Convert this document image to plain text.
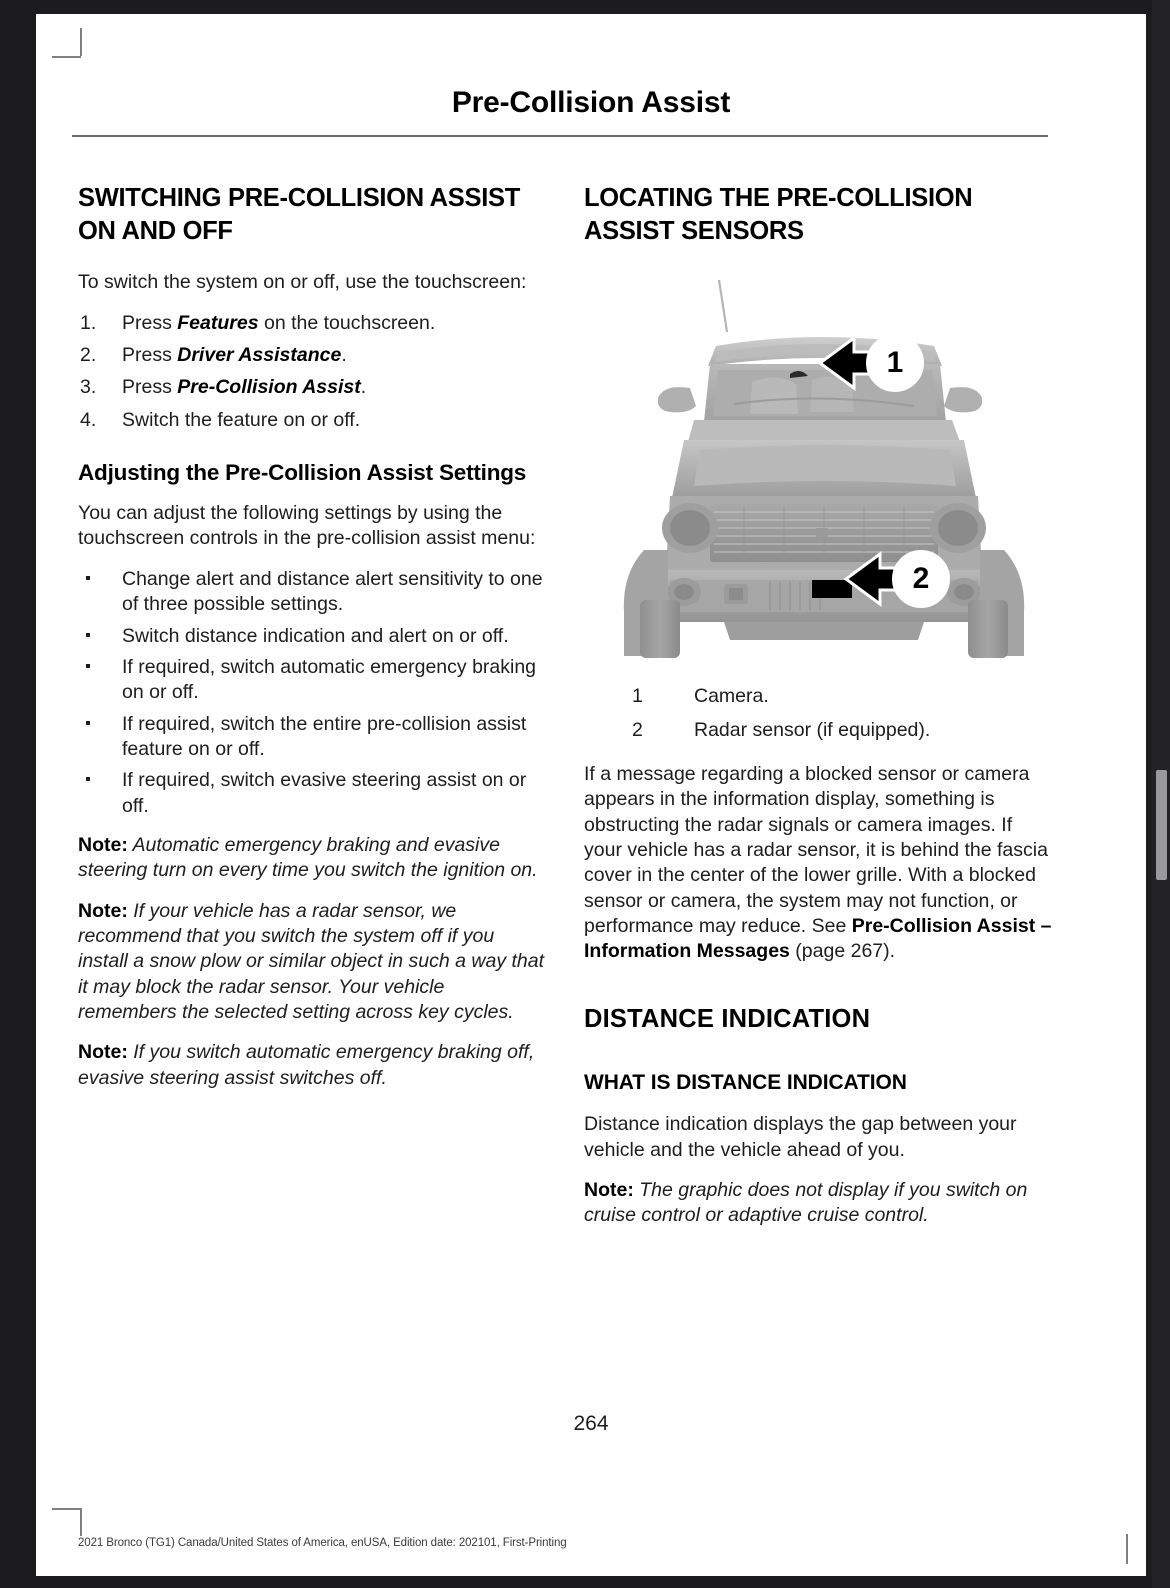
Pre-Collision Assist
SWITCHING PRE-COLLISION ASSIST ON AND OFF

To switch the system on or off, use the touchscreen:

1.	Press Features on the touchscreen.
2.	Press Driver Assistance.
3.	Press Pre-Collision Assist.
4.	Switch the feature on or off.
Adjusting the Pre-Collision Assist Settings

You can adjust the following settings by using the touchscreen controls in the pre-collision assist menu:

Change alert and distance alert sensitivity to one of three possible settings.
Switch distance indication and alert on or off.
If required, switch automatic emergency braking on or off.
If required, switch the entire pre-collision assist feature on or off.
If required, switch evasive steering assist on or off.

Note: Automatic emergency braking and evasive steering turn on every time you switch the ignition on.

Note: If your vehicle has a radar sensor, we recommend that you switch the system off if you install a snow plow or similar object in such a way that it may block the radar sensor. Your vehicle remembers the selected setting across key cycles.

Note: If you switch automatic emergency braking off, evasive steering assist switches off.

LOCATING THE PRE-COLLISION ASSIST SENSORS
1
2
1	Camera.
2	Radar sensor (if equipped).

If a message regarding a blocked sensor or camera appears in the information display, something is obstructing the radar signals or camera images. If your vehicle has a radar sensor, it is behind the fascia cover in the center of the lower grille. With a blocked sensor or camera, the system may not function, or performance may reduce. See Pre-Collision Assist – Information Messages (page 267).

DISTANCE INDICATION
WHAT IS DISTANCE INDICATION

Distance indication displays the gap between your vehicle and the vehicle ahead of you.

Note: The graphic does not display if you switch on cruise control or adaptive cruise control.

264
2021 Bronco (TG1) Canada/United States of America, enUSA, Edition date: 202101, First-Printing
